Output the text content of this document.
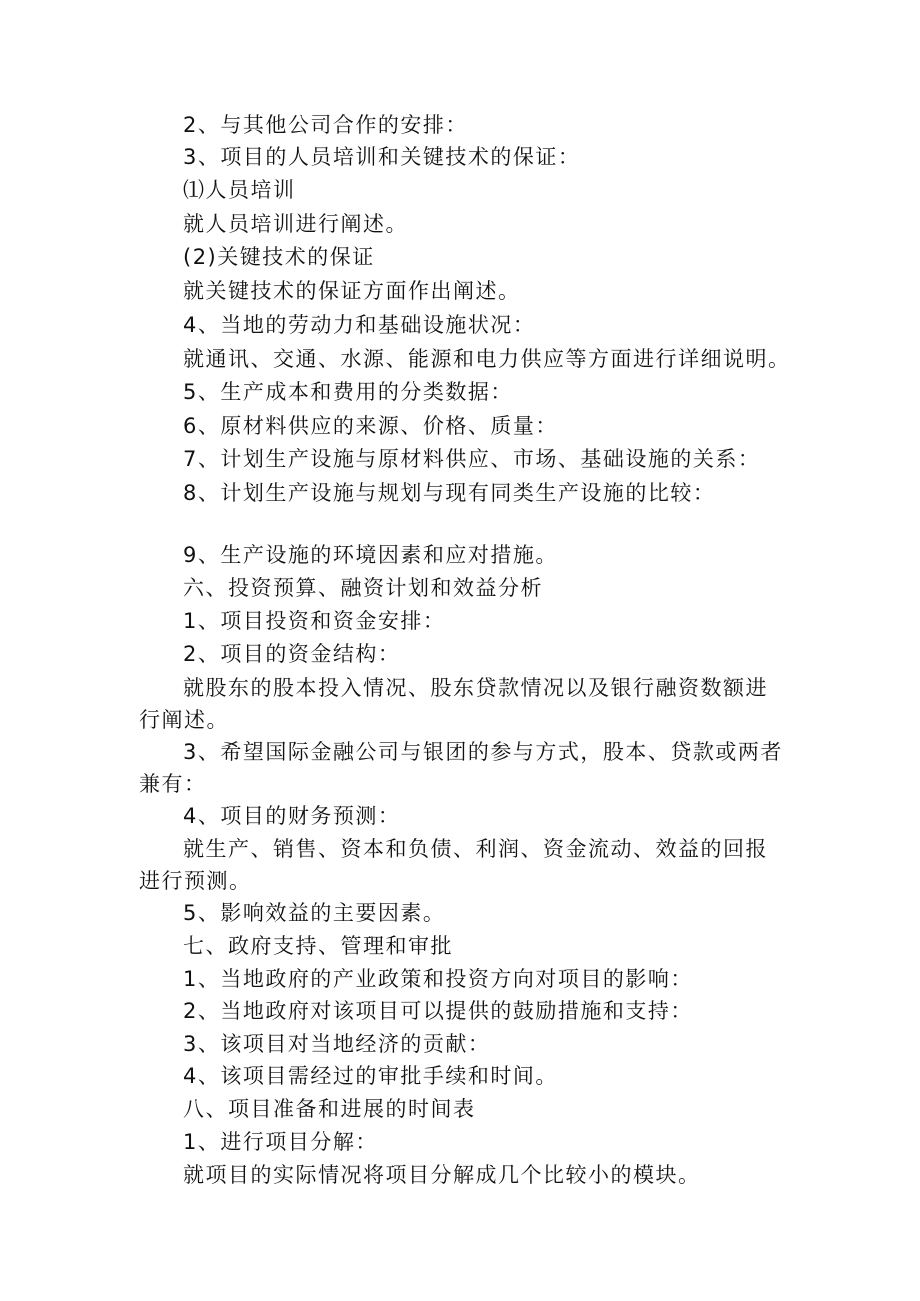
2、与其他公司合作的安排：
3、项目的人员培训和关键技术的保证：
⑴人员培训
就人员培训进行阐述。
(2)关键技术的保证
就关键技术的保证方面作出阐述。
4、当地的劳动力和基础设施状况：
就通讯、交通、水源、能源和电力供应等方面进行详细说明。
5、生产成本和费用的分类数据：
6、原材料供应的来源、价格、质量：
7、计划生产设施与原材料供应、市场、基础设施的关系：
8、计划生产设施与规划与现有同类生产设施的比较：
9、生产设施的环境因素和应对措施。
六、投资预算、融资计划和效益分析
1、项目投资和资金安排：
2、项目的资金结构：
就股东的股本投入情况、股东贷款情况以及银行融资数额进
行阐述。
3、希望国际金融公司与银团的参与方式，股本、贷款或两者
兼有：
4、项目的财务预测：
就生产、销售、资本和负债、利润、资金流动、效益的回报
进行预测。
5、影响效益的主要因素。
七、政府支持、管理和审批
1、当地政府的产业政策和投资方向对项目的影响：
2、当地政府对该项目可以提供的鼓励措施和支持：
3、该项目对当地经济的贡献：
4、该项目需经过的审批手续和时间。
八、项目准备和进展的时间表
1、进行项目分解：
就项目的实际情况将项目分解成几个比较小的模块。
